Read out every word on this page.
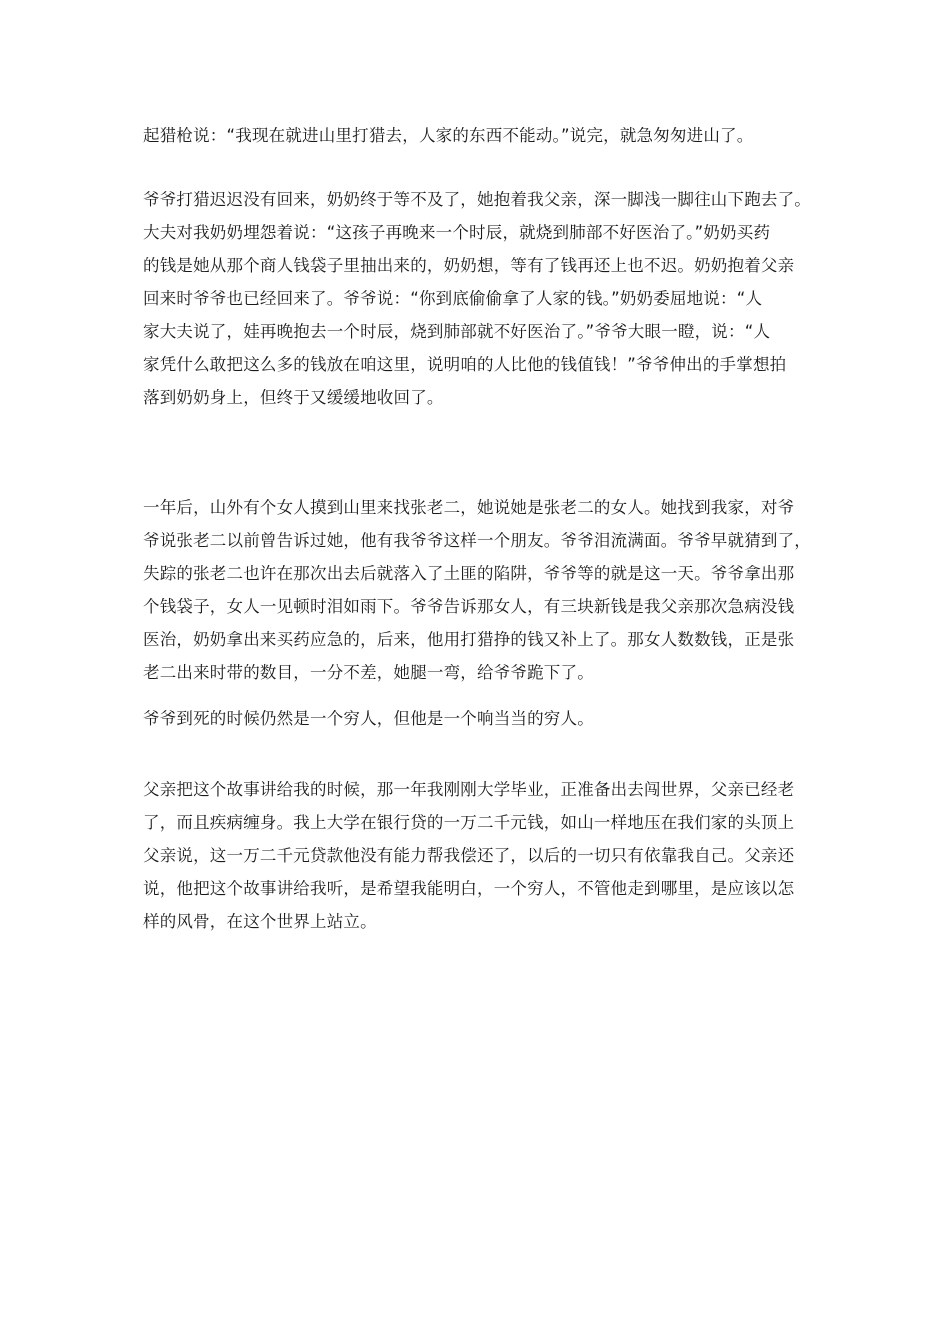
起猎枪说：“我现在就进山里打猎去，人家的东西不能动。”说完，就急匆匆进山了。
爷爷打猎迟迟没有回来，奶奶终于等不及了，她抱着我父亲，深一脚浅一脚往山下跑去了。
大夫对我奶奶埋怨着说：“这孩子再晚来一个时辰，就烧到肺部不好医治了。”奶奶买药
的钱是她从那个商人钱袋子里抽出来的，奶奶想，等有了钱再还上也不迟。奶奶抱着父亲
回来时爷爷也已经回来了。爷爷说：“你到底偷偷拿了人家的钱。”奶奶委屈地说：“人
家大夫说了，娃再晚抱去一个时辰，烧到肺部就不好医治了。”爷爷大眼一瞪，说：“人
家凭什么敢把这么多的钱放在咱这里，说明咱的人比他的钱值钱！”爷爷伸出的手掌想拍
落到奶奶身上，但终于又缓缓地收回了。
一年后，山外有个女人摸到山里来找张老二，她说她是张老二的女人。她找到我家，对爷
爷说张老二以前曾告诉过她，他有我爷爷这样一个朋友。爷爷泪流满面。爷爷早就猜到了，
失踪的张老二也许在那次出去后就落入了土匪的陷阱，爷爷等的就是这一天。爷爷拿出那
个钱袋子，女人一见顿时泪如雨下。爷爷告诉那女人，有三块新钱是我父亲那次急病没钱
医治，奶奶拿出来买药应急的，后来，他用打猎挣的钱又补上了。那女人数数钱，正是张
老二出来时带的数目，一分不差，她腿一弯，给爷爷跪下了。
爷爷到死的时候仍然是一个穷人，但他是一个响当当的穷人。
父亲把这个故事讲给我的时候，那一年我刚刚大学毕业，正准备出去闯世界，父亲已经老
了，而且疾病缠身。我上大学在银行贷的一万二千元钱，如山一样地压在我们家的头顶上
父亲说，这一万二千元贷款他没有能力帮我偿还了，以后的一切只有依靠我自己。父亲还
说，他把这个故事讲给我听，是希望我能明白，一个穷人，不管他走到哪里，是应该以怎
样的风骨，在这个世界上站立。
